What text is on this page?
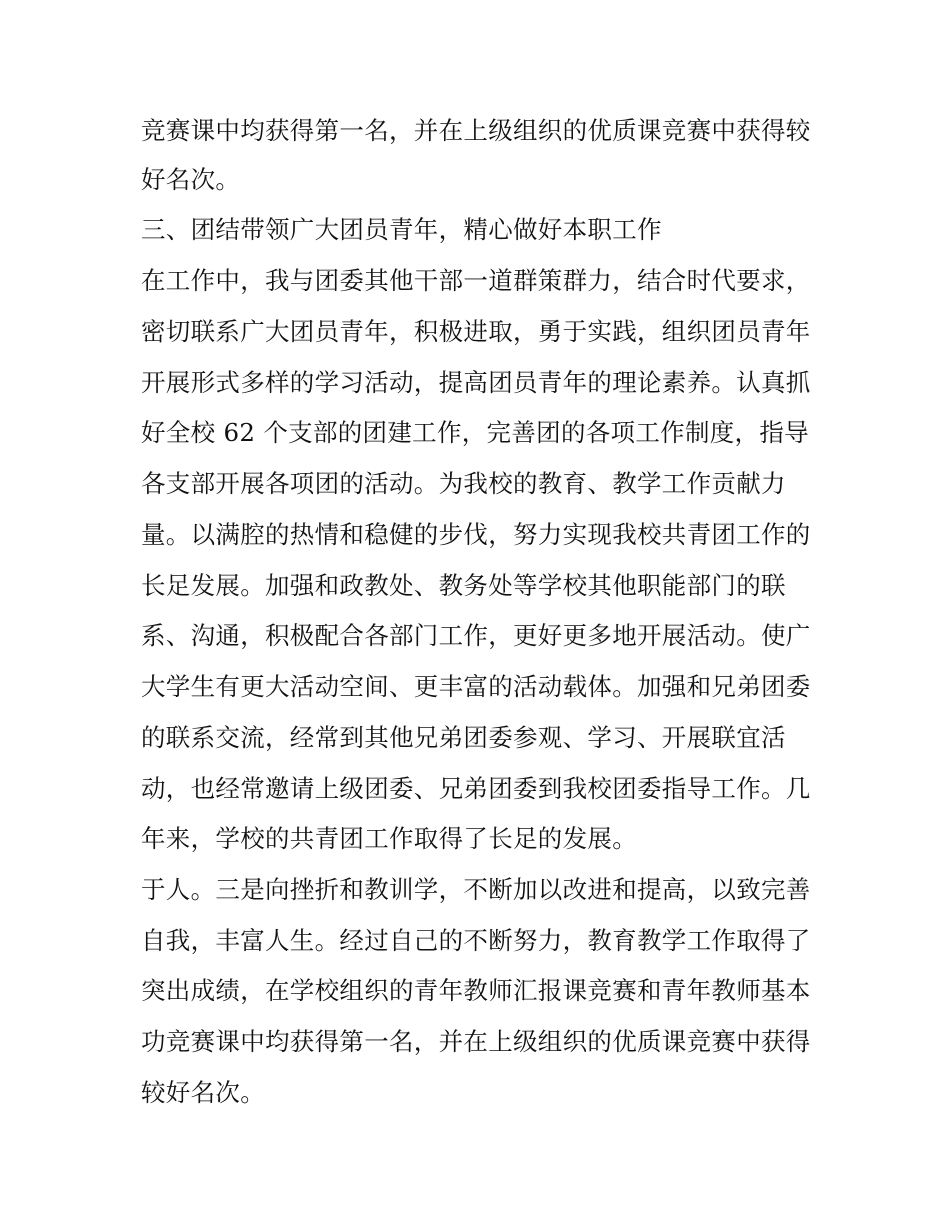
竞赛课中均获得第一名，并在上级组织的优质课竞赛中获得较
好名次。
三、团结带领广大团员青年，精心做好本职工作
在工作中，我与团委其他干部一道群策群力，结合时代要求，
密切联系广大团员青年，积极进取，勇于实践，组织团员青年
开展形式多样的学习活动，提高团员青年的理论素养。认真抓
好全校 62 个支部的团建工作，完善团的各项工作制度，指导
各支部开展各项团的活动。为我校的教育、教学工作贡献力
量。以满腔的热情和稳健的步伐，努力实现我校共青团工作的
长足发展。加强和政教处、教务处等学校其他职能部门的联
系、沟通，积极配合各部门工作，更好更多地开展活动。使广
大学生有更大活动空间、更丰富的活动载体。加强和兄弟团委
的联系交流，经常到其他兄弟团委参观、学习、开展联宜活
动，也经常邀请上级团委、兄弟团委到我校团委指导工作。几
年来，学校的共青团工作取得了长足的发展。
于人。三是向挫折和教训学，不断加以改进和提高，以致完善
自我，丰富人生。经过自己的不断努力，教育教学工作取得了
突出成绩，在学校组织的青年教师汇报课竞赛和青年教师基本
功竞赛课中均获得第一名，并在上级组织的优质课竞赛中获得
较好名次。
